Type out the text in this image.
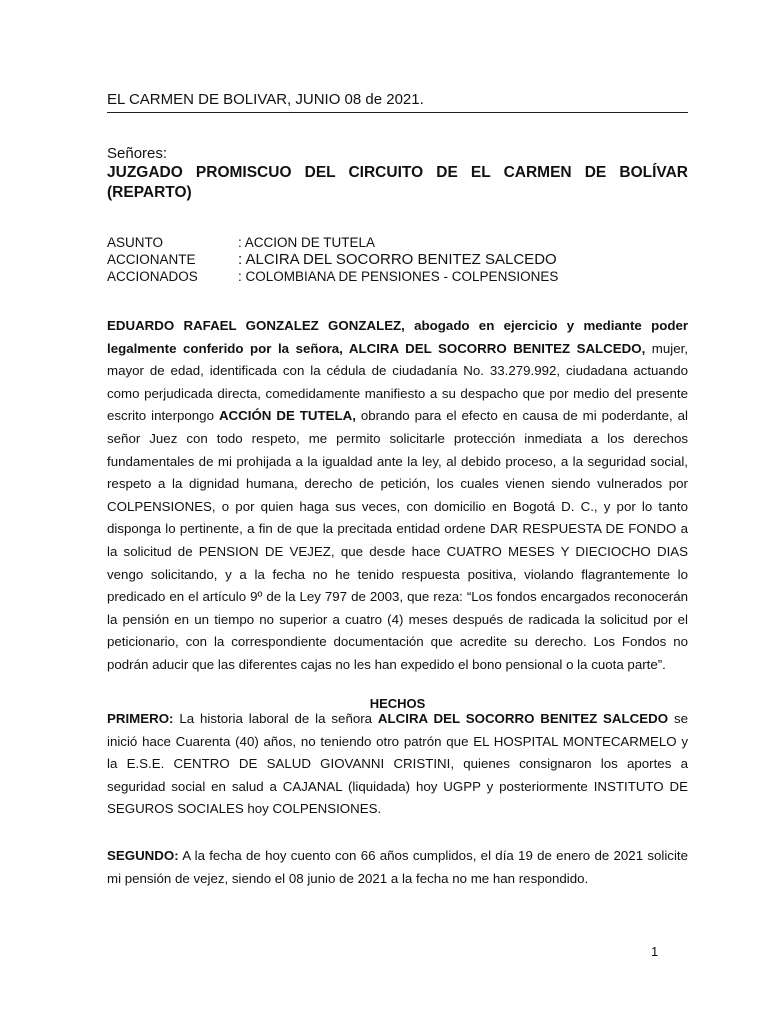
EL CARMEN DE BOLIVAR, JUNIO 08 de 2021.
Señores:
JUZGADO PROMISCUO DEL CIRCUITO DE EL CARMEN DE BOLÍVAR (REPARTO)
ASUNTO	: ACCION DE TUTELA
ACCIONANTE	: ALCIRA DEL SOCORRO BENITEZ SALCEDO
ACCIONADOS	: COLOMBIANA DE PENSIONES - COLPENSIONES
EDUARDO RAFAEL GONZALEZ GONZALEZ, abogado en ejercicio y mediante poder legalmente conferido por la señora, ALCIRA DEL SOCORRO BENITEZ SALCEDO, mujer, mayor de edad, identificada con la cédula de ciudadanía No. 33.279.992, ciudadana actuando como perjudicada directa, comedidamente manifiesto a su despacho que por medio del presente escrito interpongo ACCIÓN DE TUTELA, obrando para el efecto en causa de mi poderdante, al señor Juez con todo respeto, me permito solicitarle protección inmediata a los derechos fundamentales de mi prohijada a la igualdad ante la ley, al debido proceso, a la seguridad social, respeto a la dignidad humana, derecho de petición, los cuales vienen siendo vulnerados por COLPENSIONES, o por quien haga sus veces, con domicilio en Bogotá D. C., y por lo tanto disponga lo pertinente, a fin de que la precitada entidad ordene DAR RESPUESTA DE FONDO a la solicitud de PENSION DE VEJEZ, que desde hace CUATRO MESES Y DIECIOCHO DIAS vengo solicitando, y a la fecha no he tenido respuesta positiva, violando flagrantemente lo predicado en el artículo 9º de la Ley 797 de 2003, que reza: “Los fondos encargados reconocerán la pensión en un tiempo no superior a cuatro (4) meses después de radicada la solicitud por el peticionario, con la correspondiente documentación que acredite su derecho. Los Fondos no podrán aducir que las diferentes cajas no les han expedido el bono pensional o la cuota parte”.
HECHOS
PRIMERO: La historia laboral de la señora ALCIRA DEL SOCORRO BENITEZ SALCEDO se inició hace Cuarenta (40) años, no teniendo otro patrón que EL HOSPITAL MONTECARMELO y la E.S.E. CENTRO DE SALUD GIOVANNI CRISTINI, quienes consignaron los aportes a seguridad social en salud a CAJANAL (liquidada) hoy UGPP y posteriormente INSTITUTO DE SEGUROS SOCIALES hoy COLPENSIONES.
SEGUNDO: A la fecha de hoy cuento con 66 años cumplidos, el día 19 de enero de 2021 solicite mi pensión de vejez, siendo el 08 junio de 2021 a la fecha no me han respondido.
1
